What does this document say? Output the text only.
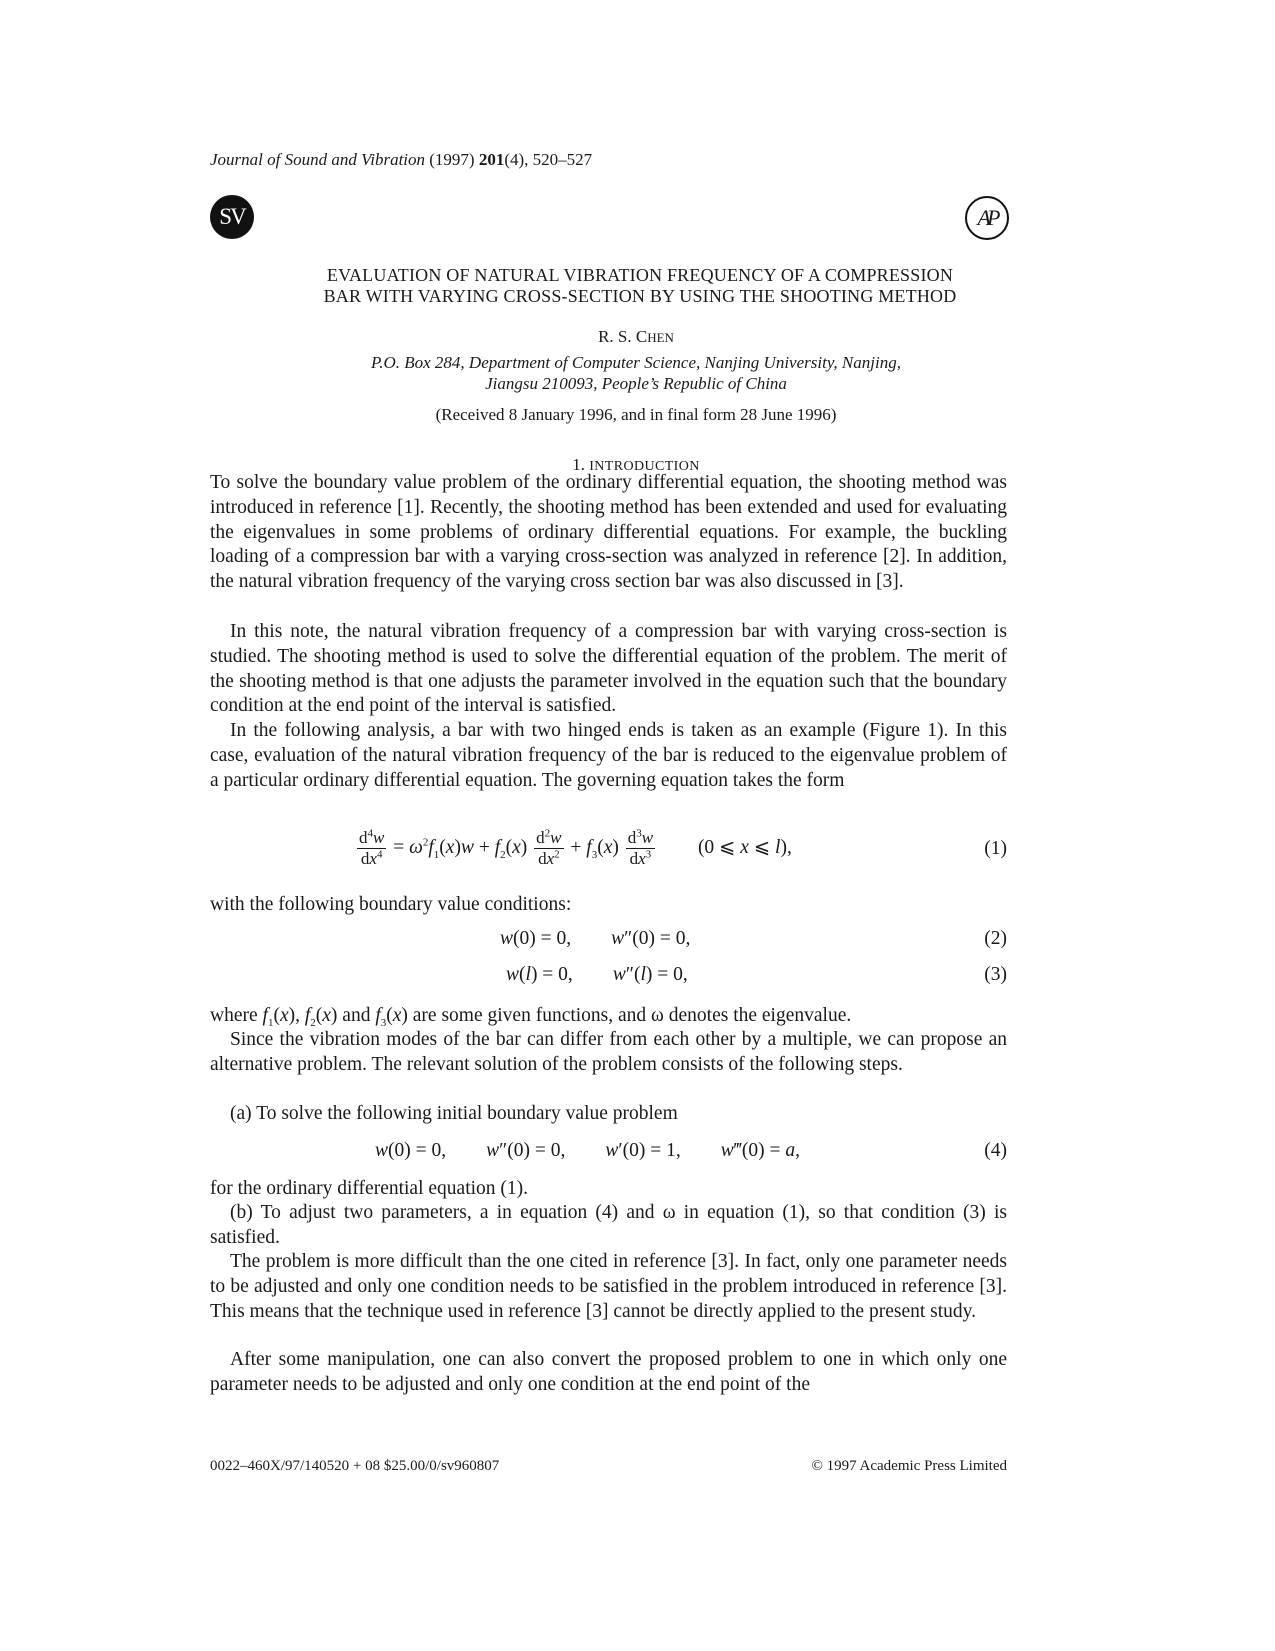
Journal of Sound and Vibration (1997) 201(4), 520–527
SV	AP
EVALUATION OF NATURAL VIBRATION FREQUENCY OF A COMPRESSION
BAR WITH VARYING CROSS-SECTION BY USING THE SHOOTING METHOD
R. S. CHEN
P.O. Box 284, Department of Computer Science, Nanjing University, Nanjing,
Jiangsu 210093, People’s Republic of China
(Received 8 January 1996, and in final form 28 June 1996)
1. INTRODUCTION
To solve the boundary value problem of the ordinary differential equation, the shooting method was introduced in reference [1]. Recently, the shooting method has been extended and used for evaluating the eigenvalues in some problems of ordinary differential equations. For example, the buckling loading of a compression bar with a varying cross-section was analyzed in reference [2]. In addition, the natural vibration frequency of the varying cross section bar was also discussed in [3].
In this note, the natural vibration frequency of a compression bar with varying cross-section is studied. The shooting method is used to solve the differential equation of the problem. The merit of the shooting method is that one adjusts the parameter involved in the equation such that the boundary condition at the end point of the interval is satisfied.
In the following analysis, a bar with two hinged ends is taken as an example (Figure 1). In this case, evaluation of the natural vibration frequency of the bar is reduced to the eigenvalue problem of a particular ordinary differential equation. The governing equation takes the form
$\frac{d^4w}{dx^4} = \omega^2f_1(x)w + f_2(x) \frac{d^2w}{dx^2} + f_3(x) \frac{d^3w}{dx^3} (0$ ⩽ x ⩽ l),	(1)
with the following boundary value conditions:
w(0) = 0, w″(0) = 0,	(2)
w(l) = 0, w″(l) = 0,	(3)
where $f_1(x)$, $f_2(x)$ and $f_3(x)$ are some given functions, and ω denotes the eigenvalue.
Since the vibration modes of the bar can differ from each other by a multiple, we can propose an alternative problem. The relevant solution of the problem consists of the following steps.
(a) To solve the following initial boundary value problem
w(0) = 0, w″(0) = 0, w′(0) = 1, w‴(0) = a,	(4)
for the ordinary differential equation (1).
(b) To adjust two parameters, a in equation (4) and ω in equation (1), so that condition (3) is satisfied.
The problem is more difficult than the one cited in reference [3]. In fact, only one parameter needs to be adjusted and only one condition needs to be satisfied in the problem introduced in reference [3]. This means that the technique used in reference [3] cannot be directly applied to the present study.
After some manipulation, one can also convert the proposed problem to one in which only one parameter needs to be adjusted and only one condition at the end point of the
0022–460X/97/140520 + 08 $25.00/0/sv960807	© 1997 Academic Press Limited
